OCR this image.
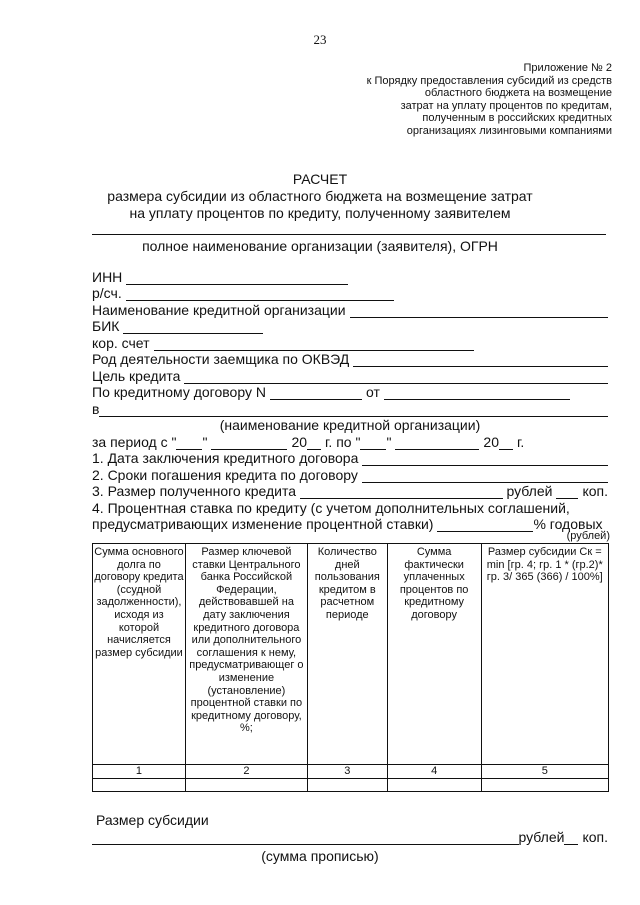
23
Приложение № 2
к Порядку предоставления субсидий из средств
областного бюджета на возмещение
затрат на уплату процентов по кредитам,
полученным в российских кредитных
организациях лизинговыми компаниями
РАСЧЕТ
размера субсидии из областного бюджета на возмещение затрат
на уплату процентов по кредиту, полученному заявителем
полное наименование организации (заявителя), ОГРН
ИНН
р/сч.
Наименование кредитной организации
БИК
кор. счет
Род деятельности заемщика по ОКВЭД
Цель кредита
По кредитному договору N	от
в
(наименование кредитной организации)
за период с " "	20 г. по " "	20 г.
1. Дата заключения кредитного договора
2. Сроки погашения кредита по договору
3. Размер полученного кредита	рублей коп.
4. Процентная ставка по кредиту (с учетом дополнительных соглашений,
предусматривающих изменение процентной ставки)	% годовых
(рублей)
Сумма основного долга по договору кредита (ссудной задолженности), исходя из которой начисляется размер субсидии	Размер ключевой ставки Центрального банка Российской Федерации, действовавшей на дату заключения кредитного договора или дополнительного соглашения к нему, предусматривающег о изменение (установление) процентной ставки по кредитному договору, %;	Количество дней пользования кредитом в расчетном периоде	Сумма фактически уплаченных процентов по кредитному договору	Размер субсидии Ск = min [гр. 4; гр. 1 * (гр.2)* гр. 3/ 365 (366) / 100%]
1	2	3	4	5

Размер субсидии
рублей коп.
(сумма прописью)
